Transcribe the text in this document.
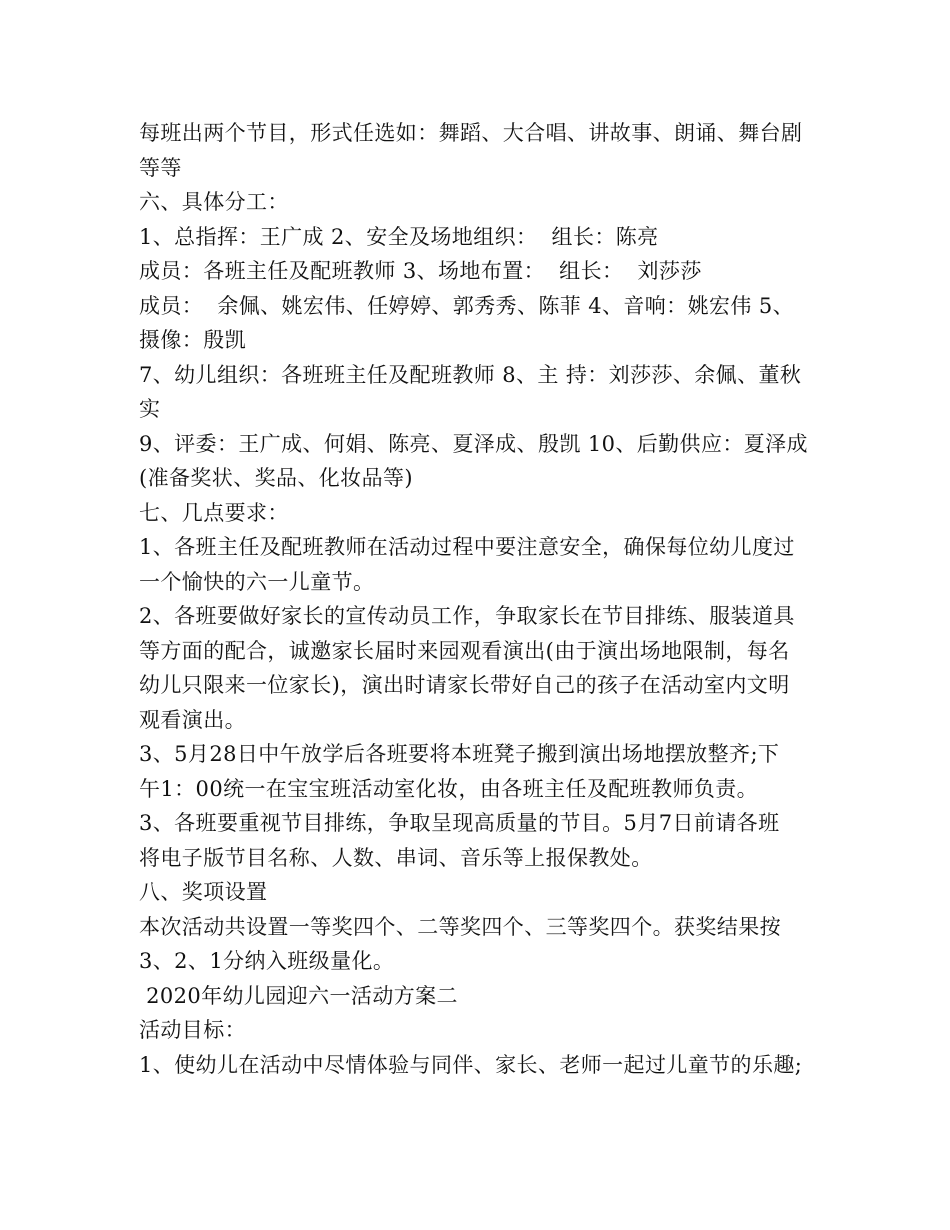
每班出两个节目，形式任选如：舞蹈、大合唱、讲故事、朗诵、舞台剧
等等
六、具体分工：
1、总指挥：王广成 2、安全及场地组织：  组长：陈亮
成员：各班主任及配班教师 3、场地布置：  组长：  刘莎莎
成员：  余佩、姚宏伟、任婷婷、郭秀秀、陈菲 4、音响：姚宏伟 5、
摄像：殷凯
7、幼儿组织：各班班主任及配班教师 8、主 持：刘莎莎、余佩、董秋
实
9、评委：王广成、何娟、陈亮、夏泽成、殷凯 10、后勤供应：夏泽成
(准备奖状、奖品、化妆品等)
七、几点要求：
1、各班主任及配班教师在活动过程中要注意安全，确保每位幼儿度过
一个愉快的六一儿童节。
2、各班要做好家长的宣传动员工作，争取家长在节目排练、服装道具
等方面的配合，诚邀家长届时来园观看演出(由于演出场地限制，每名
幼儿只限来一位家长)，演出时请家长带好自己的孩子在活动室内文明
观看演出。
3、5月28日中午放学后各班要将本班凳子搬到演出场地摆放整齐;下
午1：00统一在宝宝班活动室化妆，由各班主任及配班教师负责。
3、各班要重视节目排练，争取呈现高质量的节目。5月7日前请各班
将电子版节目名称、人数、串词、音乐等上报保教处。
八、奖项设置
本次活动共设置一等奖四个、二等奖四个、三等奖四个。获奖结果按
3、2、1分纳入班级量化。
2020年幼儿园迎六一活动方案二
活动目标：
1、使幼儿在活动中尽情体验与同伴、家长、老师一起过儿童节的乐趣;
